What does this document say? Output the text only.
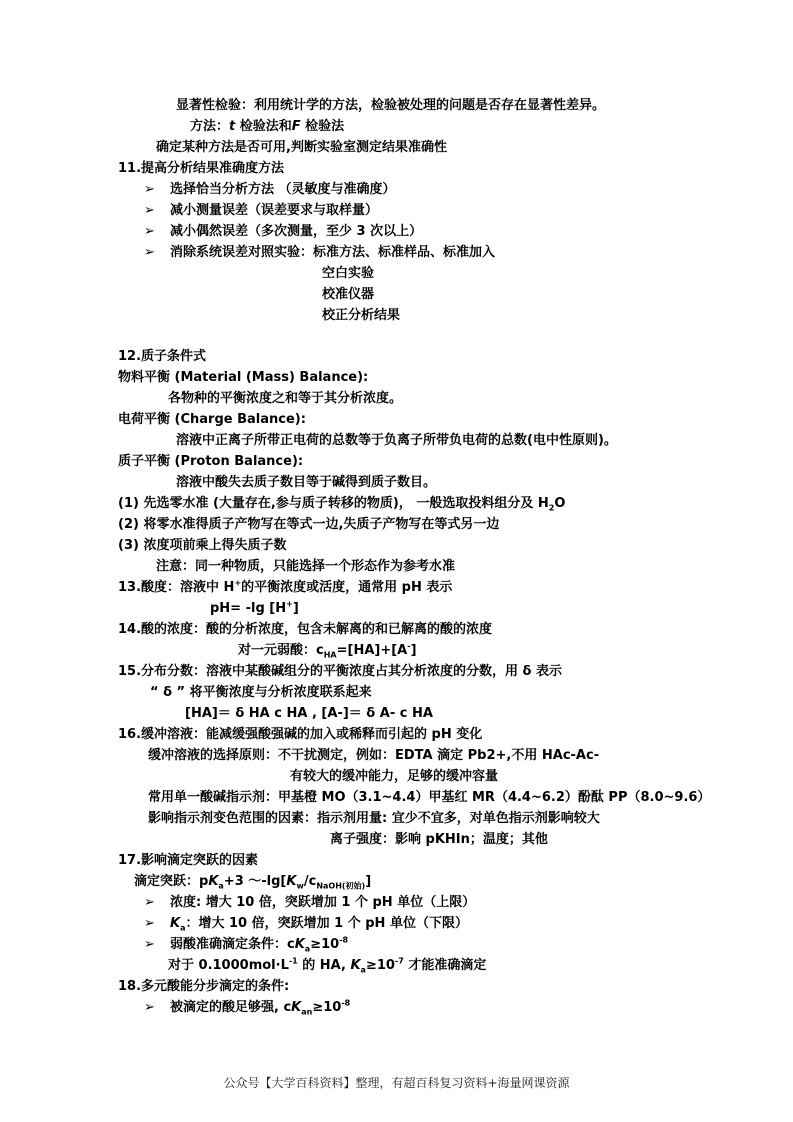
显著性检验：利用统计学的方法，检验被处理的问题是否存在显著性差异。
方法：t 检验法和F 检验法
确定某种方法是否可用,判断实验室测定结果准确性
11.提高分析结果准确度方法
➢ 选择恰当分析方法 （灵敏度与准确度）
➢ 减小测量误差（误差要求与取样量）
➢ 减小偶然误差（多次测量，至少 3 次以上）
➢ 消除系统误差对照实验：标准方法、标准样品、标准加入
空白实验
校准仪器
校正分析结果
12.质子条件式
物料平衡 (Material (Mass) Balance):
各物种的平衡浓度之和等于其分析浓度。
电荷平衡 (Charge Balance):
溶液中正离子所带正电荷的总数等于负离子所带负电荷的总数(电中性原则)。
质子平衡 (Proton Balance):
溶液中酸失去质子数目等于碱得到质子数目。
(1) 先选零水准 (大量存在,参与质子转移的物质)， 一般选取投料组分及 $H_2O$
(2) 将零水准得质子产物写在等式一边,失质子产物写在等式另一边
(3) 浓度项前乘上得失质子数
注意：同一种物质，只能选择一个形态作为参考水准
13.酸度：溶液中 H+的平衡浓度或活度，通常用 pH 表示
pH= -lg [H+]
14.酸的浓度：酸的分析浓度，包含未解离的和已解离的酸的浓度
对一元弱酸：$c_{HA}=[HA]+[A^-]$
15.分布分数：溶液中某酸碱组分的平衡浓度占其分析浓度的分数，用 δ 表示
“ δ ” 将平衡浓度与分析浓度联系起来
[HA]＝ δ HA c HA , [A-]＝ δ A- c HA
16.缓冲溶液：能减缓强酸强碱的加入或稀释而引起的 pH 变化
缓冲溶液的选择原则：不干扰测定，例如：EDTA 滴定 Pb2+,不用 HAc-Ac-
有较大的缓冲能力，足够的缓冲容量
常用单一酸碱指示剂：甲基橙 MO（3.1~4.4）甲基红 MR（4.4~6.2）酚酞 PP（8.0~9.6）
影响指示剂变色范围的因素：指示剂用量: 宜少不宜多，对单色指示剂影响较大
离子强度：影响 pKHIn；温度；其他
17.影响滴定突跃的因素
滴定突跃：$pK_a+3$ $\sim-\lg[K_w/c_{NaOH(初始)}]$
➢ 浓度: 增大 10 倍，突跃增加 1 个 pH 单位（上限）
➢ $K_a$：增大 10 倍，突跃增加 1 个 pH 单位（下限）
➢ 弱酸准确滴定条件：$cK_a\ge 10^{-8}$
对于 $0.1000mol\cdot L^{-1}$ 的 HA, $K_a\ge 10^{-7}$ 才能准确滴定
18.多元酸能分步滴定的条件:
➢ 被滴定的酸足够强, $cK_{an}\ge 10^{-8}$
公众号【大学百科资料】整理，有超百科复习资料+海量网课资源
